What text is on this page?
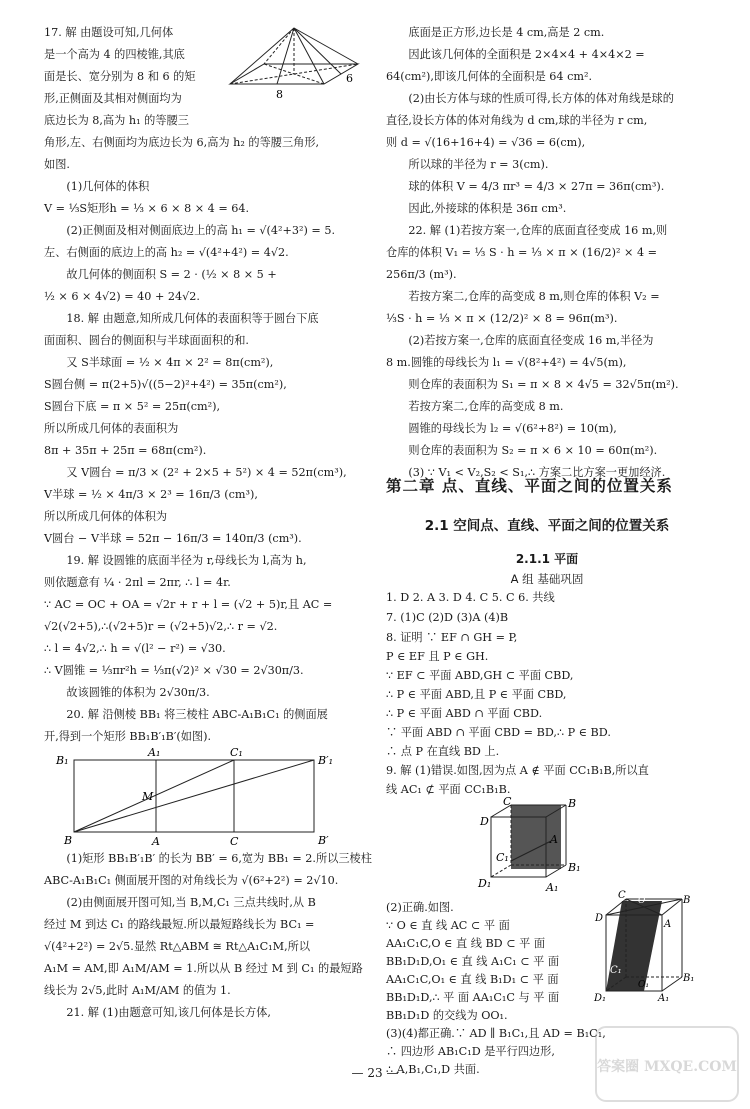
17. 解 由题设可知,几何体

是一个高为 4 的四棱锥,其底

面是长、宽分别为 8 和 6 的矩

形,正侧面及其相对侧面均为

底边长为 8,高为 h₁ 的等腰三

角形,左、右侧面均为底边长为 6,高为 h₂ 的等腰三角形,

如图.

(1)几何体的体积

V = ⅓S矩形h = ⅓ × 6 × 8 × 4 = 64.

(2)正侧面及相对侧面底边上的高 h₁ = √(4²+3²) = 5.

左、右侧面的底边上的高 h₂ = √(4²+4²) = 4√2.

故几何体的侧面积 S = 2 · (½ × 8 × 5 +

½ × 6 × 4√2) = 40 + 24√2.

8
6

18. 解 由题意,知所成几何体的表面积等于圆台下底

面面积、圆台的侧面积与半球面面积的和.

又 S半球面 = ½ × 4π × 2² = 8π(cm²),

S圆台侧 = π(2+5)√((5−2)²+4²) = 35π(cm²),

S圆台下底 = π × 5² = 25π(cm²),

所以所成几何体的表面积为

8π + 35π + 25π = 68π(cm²).

又 V圆台 = π/3 × (2² + 2×5 + 5²) × 4 = 52π(cm³),

V半球 = ½ × 4π/3 × 2³ = 16π/3 (cm³),

所以所成几何体的体积为

V圆台 − V半球 = 52π − 16π/3 = 140π/3 (cm³).

19. 解 设圆锥的底面半径为 r,母线长为 l,高为 h,

则依题意有 ¼ · 2πl = 2πr, ∴ l = 4r.

∵ AC = OC + OA = √2r + r + l = (√2 + 5)r,且 AC =

√2(√2+5),∴(√2+5)r = (√2+5)√2,∴ r = √2.

∴ l = 4√2,∴ h = √(l² − r²) = √30.

∴ V圆锥 = ⅓πr²h = ⅓π(√2)² × √30 = 2√30π/3.

故该圆锥的体积为 2√30π/3.

20. 解 沿侧棱 BB₁ 将三棱柱 ABC-A₁B₁C₁ 的侧面展

开,得到一个矩形 BB₁B′₁B′(如图).

B₁
A₁	C₁
B′₁
M
B	A	C	B′

(1)矩形 BB₁B′₁B′ 的长为 BB′ = 6,宽为 BB₁ = 2.所以三棱柱

ABC-A₁B₁C₁ 侧面展开图的对角线长为 √(6²+2²) = 2√10.

(2)由侧面展开图可知,当 B,M,C₁ 三点共线时,从 B

经过 M 到达 C₁ 的路线最短.所以最短路线长为 BC₁ =

√(4²+2²) = 2√5.显然 Rt△ABM ≅ Rt△A₁C₁M,所以

A₁M = AM,即 A₁M/AM = 1.所以从 B 经过 M 到 C₁ 的最短路

线长为 2√5,此时 A₁M/AM 的值为 1.

21. 解 (1)由题意可知,该几何体是长方体,

底面是正方形,边长是 4 cm,高是 2 cm.

因此该几何体的全面积是 2×4×4 + 4×4×2 =

64(cm²),即该几何体的全面积是 64 cm².

(2)由长方体与球的性质可得,长方体的体对角线是球的

直径,设长方体的体对角线为 d cm,球的半径为 r cm,

则 d = √(16+16+4) = √36 = 6(cm),

所以球的半径为 r = 3(cm).

球的体积 V = 4/3 πr³ = 4/3 × 27π = 36π(cm³).

因此,外接球的体积是 36π cm³.

22. 解 (1)若按方案一,仓库的底面直径变成 16 m,则

仓库的体积 V₁ = ⅓ S · h = ⅓ × π × (16/2)² × 4 =

256π/3 (m³).

若按方案二,仓库的高变成 8 m,则仓库的体积 V₂ =

⅓S · h = ⅓ × π × (12/2)² × 8 = 96π(m³).

(2)若按方案一,仓库的底面直径变成 16 m,半径为

8 m.圆锥的母线长为 l₁ = √(8²+4²) = 4√5(m),

则仓库的表面积为 S₁ = π × 8 × 4√5 = 32√5π(m²).

若按方案二,仓库的高变成 8 m.

圆锥的母线长为 l₂ = √(6²+8²) = 10(m),

则仓库的表面积为 S₂ = π × 6 × 10 = 60π(m²).

(3) ∵ V₁ < V₂,S₂ < S₁,∴ 方案二比方案一更加经济.

第二章 点、直线、平面之间的位置关系
2.1 空间点、直线、平面之间的位置关系

2.1.1 平面

A 组 基础巩固

1. D 2. A 3. D 4. C 5. C 6. 共线

7. (1)C (2)D (3)A (4)B

8. 证明 ∵ EF ∩ GH = P,

P ∈ EF 且 P ∈ GH.

∵ EF ⊂ 平面 ABD,GH ⊂ 平面 CBD,

∴ P ∈ 平面 ABD,且 P ∈ 平面 CBD,

∴ P ∈ 平面 ABD ∩ 平面 CBD.

∵ 平面 ABD ∩ 平面 CBD = BD,∴ P ∈ BD.

∴ 点 P 在直线 BD 上.

9. 解 (1)错误.如图,因为点 A ∉ 平面 CC₁B₁B,所以直

线 AC₁ ⊄ 平面 CC₁B₁B.

B
C
D
A
C₁
B₁
D₁	A₁

(2)正确.如图.

∵ O ∈ 直 线 AC ⊂ 平 面

AA₁C₁C,O ∈ 直 线 BD ⊂ 平 面

BB₁D₁D,O₁ ∈ 直 线 A₁C₁ ⊂ 平 面

AA₁C₁C,O₁ ∈ 直 线 B₁D₁ ⊂ 平 面

BB₁D₁D,∴ 平 面 AA₁C₁C 与 平 面

BB₁D₁D 的交线为 OO₁.

(3)(4)都正确.∵ AD ∥ B₁C₁,且 AD = B₁C₁,

∴ 四边形 AB₁C₁D 是平行四边形,

∴ A,B₁,C₁,D 共面.

B
C O
D
A
C₁
B₁
O₁
D₁	A₁
— 23 —	答案圈 MXQE.COM
